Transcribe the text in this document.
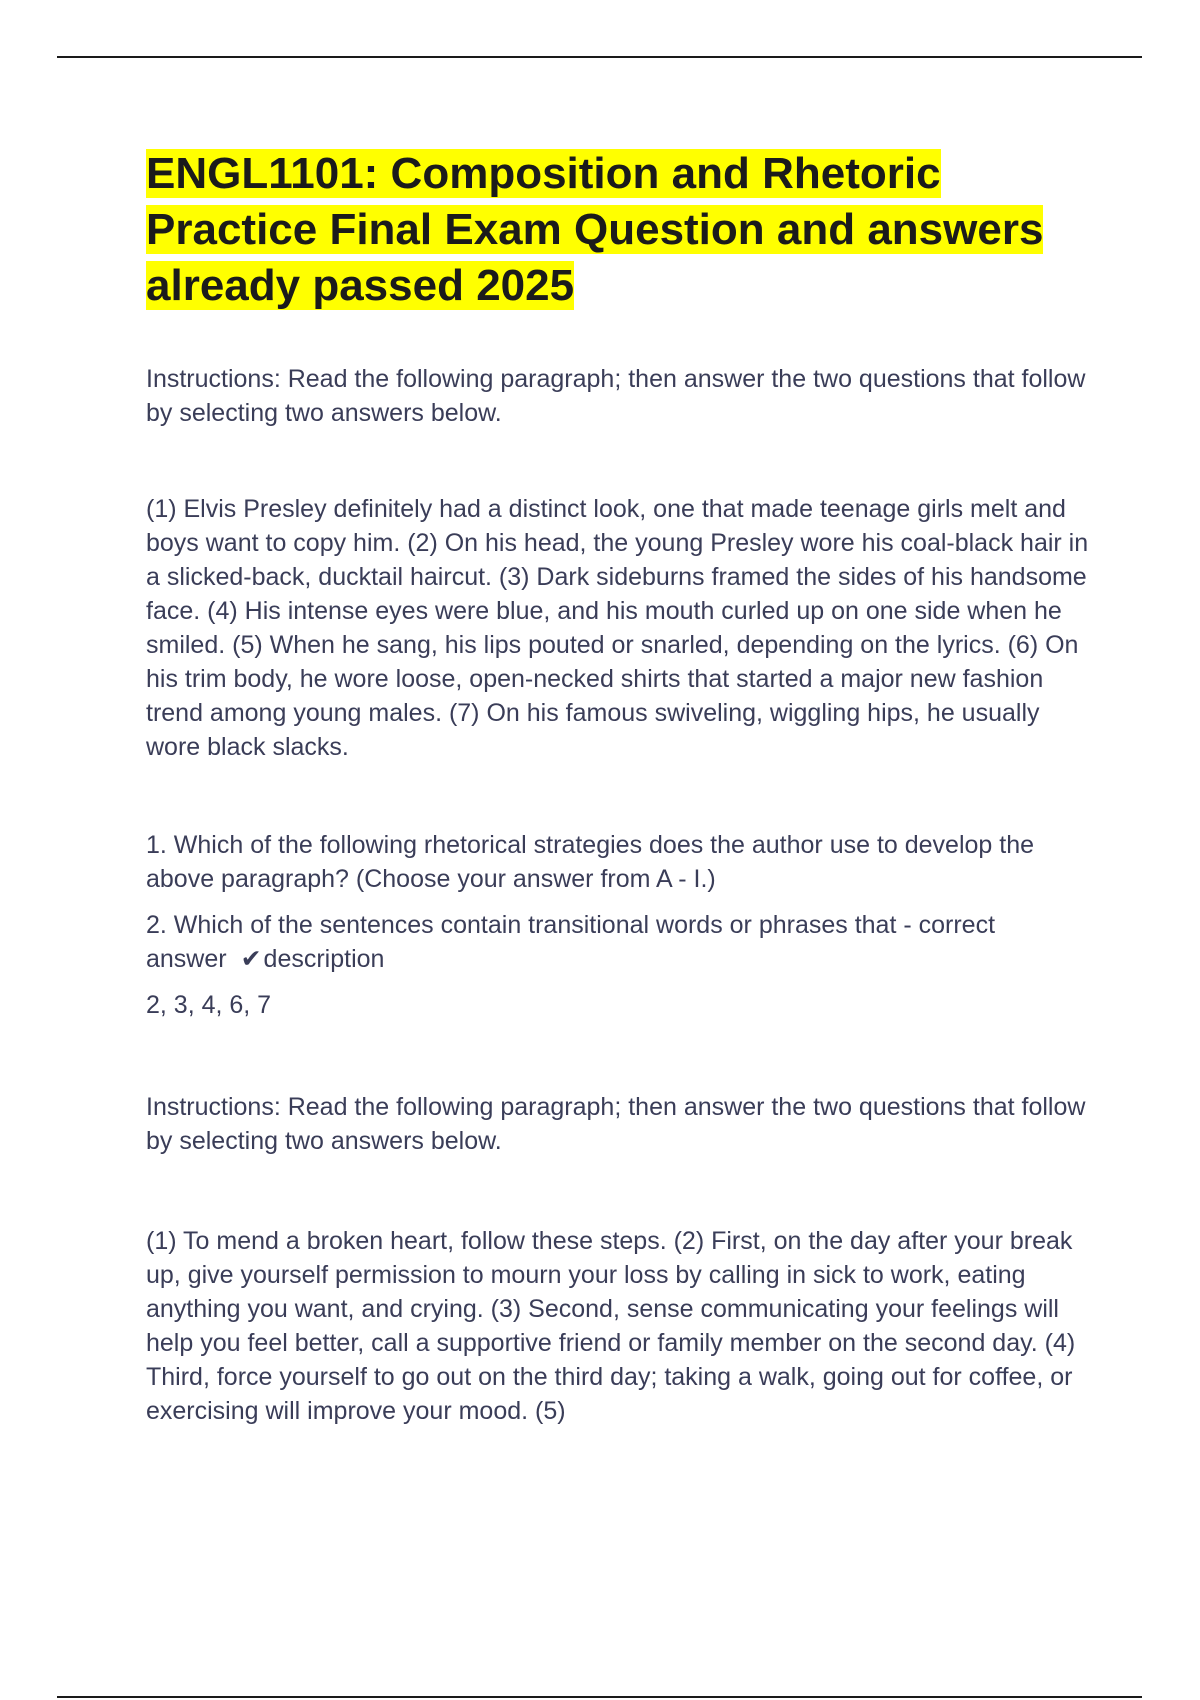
ENGL1101: Composition and Rhetoric Practice Final Exam Question and answers already passed 2025

Instructions: Read the following paragraph; then answer the two questions that follow by selecting two answers below.

(1) Elvis Presley definitely had a distinct look, one that made teenage girls melt and boys want to copy him. (2) On his head, the young Presley wore his coal-black hair in a slicked-back, ducktail haircut. (3) Dark sideburns framed the sides of his handsome face. (4) His intense eyes were blue, and his mouth curled up on one side when he smiled. (5) When he sang, his lips pouted or snarled, depending on the lyrics. (6) On his trim body, he wore loose, open-necked shirts that started a major new fashion trend among young males. (7) On his famous swiveling, wiggling hips, he usually wore black slacks.

1. Which of the following rhetorical strategies does the author use to develop the above paragraph? (Choose your answer from A - I.)

2. Which of the sentences contain transitional words or phrases that - correct answer ✔description

2, 3, 4, 6, 7

Instructions: Read the following paragraph; then answer the two questions that follow by selecting two answers below.

(1) To mend a broken heart, follow these steps. (2) First, on the day after your break up, give yourself permission to mourn your loss by calling in sick to work, eating anything you want, and crying. (3) Second, sense communicating your feelings will help you feel better, call a supportive friend or family member on the second day. (4) Third, force yourself to go out on the third day; taking a walk, going out for coffee, or exercising will improve your mood. (5)
